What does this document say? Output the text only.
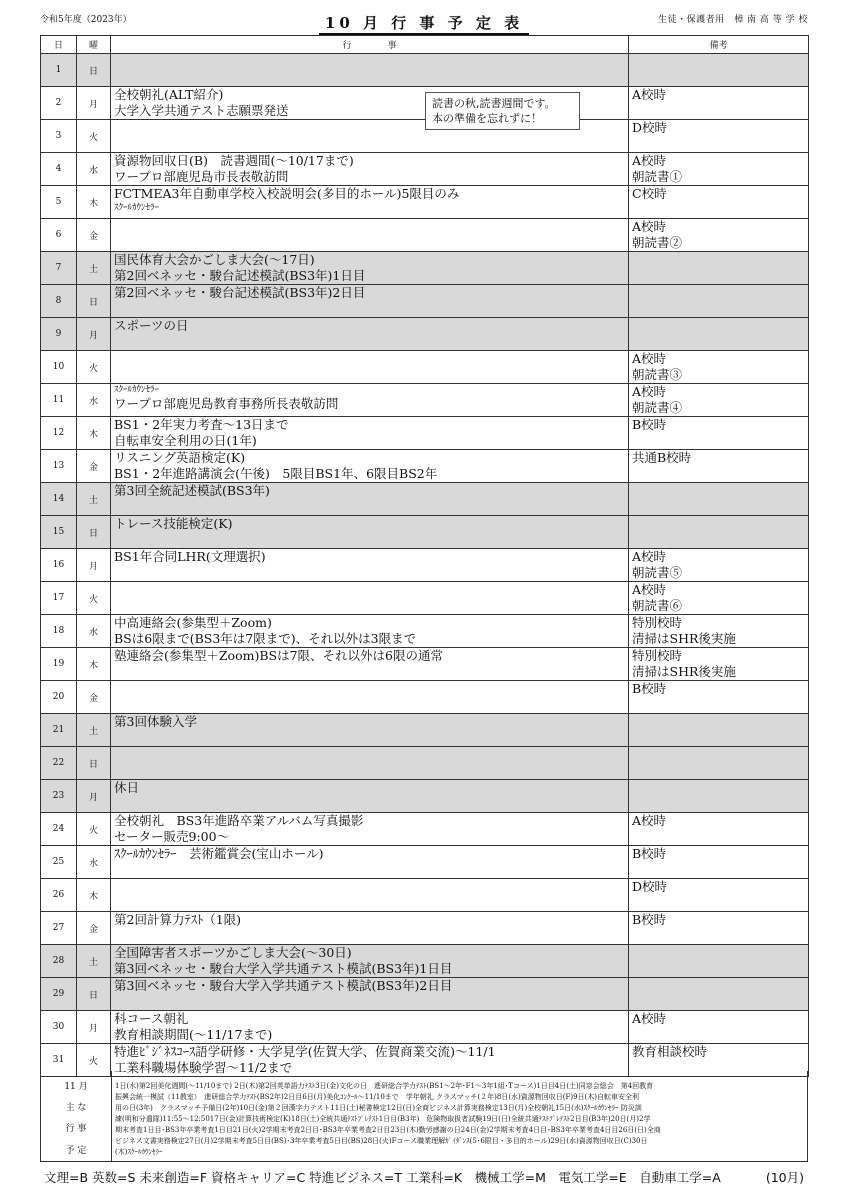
令和5年度（2023年）	10 月 行 事 予 定 表	生徒・保護者用　 樟 南 高 等 学 校
日	曜	行　　　　事	備考
1	日		
2	月	全校朝礼(ALT紹介)
大学入学共通テスト志願票発送	A校時

3	火		D校時

4	水	資源物回収日(B)　読書週間(～10/17まで)
ワープロ部鹿児島市長表敬訪問	A校時
朝読書①

5	木	FCTMEA3年自動車学校入校説明会(多目的ホール)5限目のみ
ｽｸｰﾙｶｳﾝｾﾗｰ	C校時

6	金		A校時
朝読書②

7	土	国民体育大会かごしま大会(～17日)
第2回ベネッセ・駿台記述模試(BS3年)1日目	

8	日	第2回ベネッセ・駿台記述模試(BS3年)2日目	

9	月	スポーツの日	

10	火		A校時
朝読書③

11	水	ｽｸｰﾙｶｳﾝｾﾗｰ
ワープロ部鹿児島教育事務所長表敬訪問	A校時
朝読書④

12	木	BS1・2年実力考査～13日まで
自転車安全利用の日(1年)	B校時

13	金	リスニング英語検定(K)
BS1・2年進路講演会(午後)　5限目BS1年、6限目BS2年	共通B校時

14	土	第3回全統記述模試(BS3年)	

15	日	トレース技能検定(K)	

16	月	BS1年合同LHR(文理選択)	A校時
朝読書⑤

17	火		A校時
朝読書⑥

18	水	中高連絡会(参集型＋Zoom)
BSは6限まで(BS3年は7限まで)、それ以外は3限まで	特別校時
清掃はSHR後実施

19	木	塾連絡会(参集型＋Zoom)BSは7限、それ以外は6限の通常	特別校時
清掃はSHR後実施

20	金		B校時

21	土	第3回体験入学	

22	日		
23	月	休日	

24	火	全校朝礼　BS3年進路卒業アルバム写真撮影
セーター販売9:00～	A校時

25	水	ｽｸｰﾙｶｳﾝｾﾗｰ　芸術鑑賞会(宝山ホール)	B校時

26	木		D校時

27	金	第2回計算力ﾃｽﾄ（1限)	B校時

28	土	全国障害者スポーツかごしま大会(～30日)
第3回ベネッセ・駿台大学入学共通テスト模試(BS3年)1日目	

29	日	第3回ベネッセ・駿台大学入学共通テスト模試(BS3年)2日目	

30	月	科コース朝礼
教育相談期間(～11/17まで)	A校時

31	火	特進ﾋﾞｼﾞﾈｽｺｰｽ語学研修・大学見学(佐賀大学、佐賀商業交流)～11/1
工業科職場体験学習～11/2まで	教育相談校時
読書の秋,読書週間です。
本の準備を忘れずに！
11 月
主 な
行 事
予 定
1日(水)第2回美化週間(～11/10まで) 2日(木)第2回英単語力ﾃｽﾄ3日(金)文化の日　進研総合学力ﾃｽﾄ(BS1～2年･F1～3年1組･Tコース)1日目4日(土)同窓会総会　第4回教育
振興会統一模試（11教室）　進研総合学力ﾃｽﾄ(BS2年)2日目6日(月)美化ｺﾝｸｰﾙ～11/10まで　学年朝礼 クラスマッチ(２年)8日(水)資源物回収日(F)9日(木)自転車安全利
用の日(3年)　クラスマッチ予備日(2年)10日(金)第２回漢字力テスト11日(土)秘書検定12日(日)全商ビジネス計算実務検定13日(月)全校朝礼15日(水)ｽｸｰﾙｶｳﾝｾﾗｰ 防災訓
練(明和分遣隊)11:55～12:5017日(金)計算技術検定(K)18日(土)全統共通ﾃｽﾄﾌﾟﾚﾃｽﾄ1日目(B3年)　危険物取扱者試験19日(日)全統共通ﾃｽﾄﾌﾟﾚﾃｽﾄ2日目(B3年)20日(月)2学
期末考査1日目･BS3年卒業考査1日目21日(火)2学期末考査2日目･BS3年卒業考査2日目23日(木)勤労感謝の日24日(金)2学期末考査4日目･BS3年卒業考査4日目26日(日)全商
ビジネス文書実務検定27日(月)2学期末考査5日目(BS)･3年卒業考査5日目(BS)28日(火)Fコース職業理解ｶﾞｲﾀﾞﾝｽ(5･6限目・多目的ホール)29日(水)資源物回収日(C)30日
(木)ｽｸｰﾙｶｳﾝｾﾗｰ
文理=B 英数=S 未来創造=F 資格キャリア=C 特進ビジネス=T 工業科=K　機械工学=M　電気工学=E　自動車工学=A	(10月)
